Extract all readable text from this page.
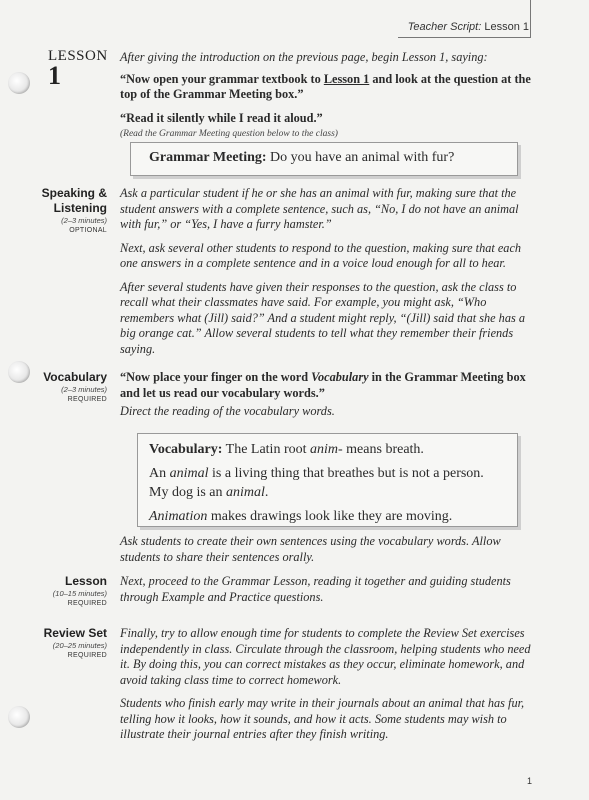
Teacher Script: Lesson 1
LESSON
1
After giving the introduction on the previous page, begin Lesson 1, saying:
“Now open your grammar textbook to Lesson 1 and look at the question at the top of the Grammar Meeting box.”
“Read it silently while I read it aloud.”
(Read the Grammar Meeting question below to the class)
Grammar Meeting: Do you have an animal with fur?
Speaking &
Listening
(2–3 minutes)
OPTIONAL
Ask a particular student if he or she has an animal with fur, making sure that the student answers with a complete sentence, such as, “No, I do not have an animal with fur,” or “Yes, I have a furry hamster.”
Next, ask several other students to respond to the question, making sure that each one answers in a complete sentence and in a voice loud enough for all to hear.
After several students have given their responses to the question, ask the class to recall what their classmates have said. For example, you might ask, “Who remembers what (Jill) said?” And a student might reply, “(Jill) said that she has a big orange cat.” Allow several students to tell what they remember their friends saying.
Vocabulary
(2–3 minutes)
REQUIRED
“Now place your finger on the word Vocabulary in the Grammar Meeting box and let us read our vocabulary words.”
Direct the reading of the vocabulary words.
Vocabulary: The Latin root anim- means breath.
An animal is a living thing that breathes but is not a person. My dog is an animal.
Animation makes drawings look like they are moving.
Ask students to create their own sentences using the vocabulary words. Allow students to share their sentences orally.
Lesson
(10–15 minutes)
REQUIRED
Next, proceed to the Grammar Lesson, reading it together and guiding students through Example and Practice questions.
Review Set
(20–25 minutes)
REQUIRED
Finally, try to allow enough time for students to complete the Review Set exercises independently in class. Circulate through the classroom, helping students who need it. By doing this, you can correct mistakes as they occur, eliminate homework, and avoid taking class time to correct homework.
Students who finish early may write in their journals about an animal that has fur, telling how it looks, how it sounds, and how it acts. Some students may wish to illustrate their journal entries after they finish writing.
1
